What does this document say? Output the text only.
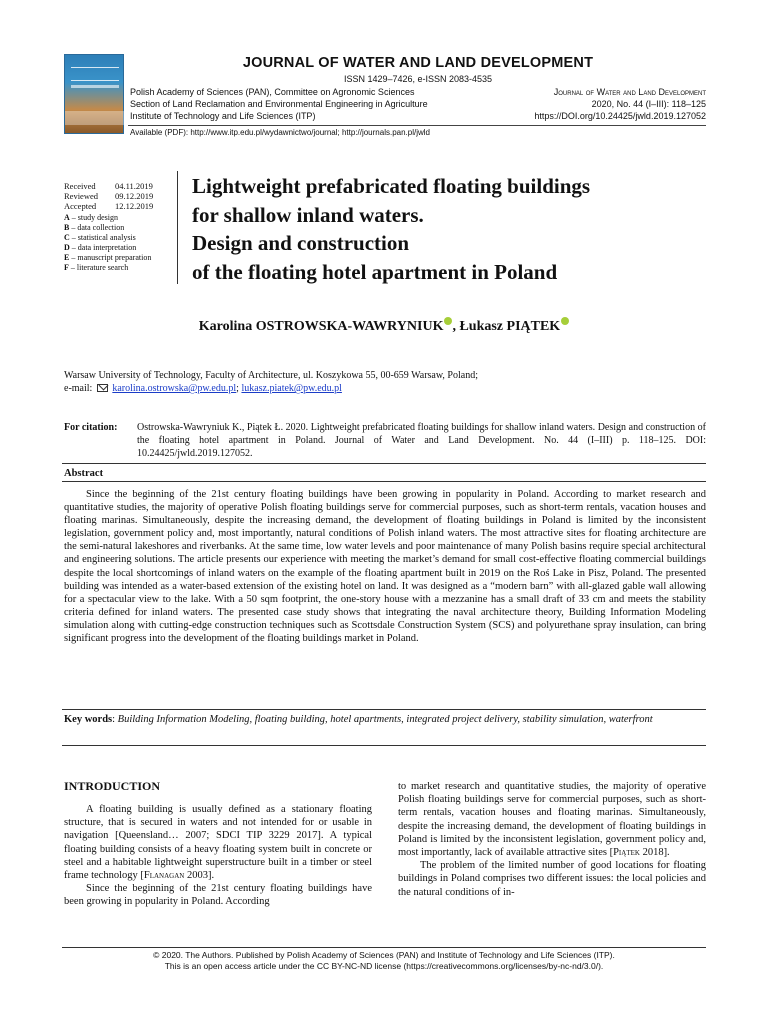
JOURNAL OF WATER AND LAND DEVELOPMENT
ISSN 1429–7426, e-ISSN 2083-4535
Polish Academy of Sciences (PAN), Committee on Agronomic Sciences
Section of Land Reclamation and Environmental Engineering in Agriculture
Institute of Technology and Life Sciences (ITP)
Journal of Water and Land Development
2020, No. 44 (I–III): 118–125
https://DOI.org/10.24425/jwld.2019.127052
Available (PDF): http://www.itp.edu.pl/wydawnictwo/journal; http://journals.pan.pl/jwld
Received	04.11.2019
Reviewed	09.12.2019
Accepted	12.12.2019
A – study design
B – data collection
C – statistical analysis
D – data interpretation
E – manuscript preparation
F – literature search
Lightweight prefabricated floating buildings
for shallow inland waters.
Design and construction
of the floating hotel apartment in Poland
Karolina OSTROWSKA-WAWRYNIUK , Łukasz PIĄTEK
Warsaw University of Technology, Faculty of Architecture, ul. Koszykowa 55, 00-659 Warsaw, Poland;
e-mail: karolina.ostrowska@pw.edu.pl; lukasz.piatek@pw.edu.pl
For citation: Ostrowska-Wawryniuk K., Piątek Ł. 2020. Lightweight prefabricated floating buildings for shallow inland waters. Design and construction of the floating hotel apartment in Poland. Journal of Water and Land Development. No. 44 (I–III) p. 118–125. DOI: 10.24425/jwld.2019.127052.
Abstract
Since the beginning of the 21st century floating buildings have been growing in popularity in Poland. According to market research and quantitative studies, the majority of operative Polish floating buildings serve for commercial purposes, such as short-term rentals, vacation houses and floating marinas. Simultaneously, despite the increasing demand, the development of floating buildings in Poland is limited by the inconsistent legislation, government policy and, most importantly, natural conditions of Polish inland waters. The most attractive sites for floating architecture are the semi-natural lakeshores and riverbanks. At the same time, low water levels and poor maintenance of many Polish basins require special architectural and engineering solutions. The article presents our experience with meeting the market’s demand for small cost-effective floating commercial buildings despite the local shortcomings of inland waters on the example of the floating apartment built in 2019 on the Roś Lake in Pisz, Poland. The presented building was intended as a water-based extension of the existing hotel on land. It was designed as a “modern barn” with all-glazed gable wall allowing for a spectacular view to the lake. With a 50 sqm footprint, the one-story house with a mezzanine has a small draft of 33 cm and meets the stability criteria defined for inland waters. The presented case study shows that integrating the naval architecture theory, Building Information Modeling simulation along with cutting-edge construction techniques such as Scottsdale Construction System (SCS) and polyurethane spray insulation, can bring significant progress into the development of the floating buildings market in Poland.
Key words: Building Information Modeling, floating building, hotel apartments, integrated project delivery, stability simulation, waterfront
INTRODUCTION

A floating building is usually defined as a stationary floating structure, that is secured in waters and not intended for or usable in navigation [Queensland… 2007; SDCI TIP 3229 2017]. A typical floating building consists of a heavy floating system built in concrete or steel and a habitable lightweight superstructure built in a timber or steel frame technology [Flanagan 2003].

Since the beginning of the 21st century floating buildings have been growing in popularity in Poland. According

to market research and quantitative studies, the majority of operative Polish floating buildings serve for commercial purposes, such as short-term rentals, vacation houses and floating marinas. Simultaneously, despite the increasing demand, the development of floating buildings in Poland is limited by the inconsistent legislation, government policy and, most importantly, lack of available attractive sites [Piątek 2018].

The problem of the limited number of good locations for floating buildings in Poland comprises two different issues: the local policies and the natural conditions of in-

© 2020. The Authors. Published by Polish Academy of Sciences (PAN) and Institute of Technology and Life Sciences (ITP).
This is an open access article under the CC BY-NC-ND license (https://creativecommons.org/licenses/by-nc-nd/3.0/).
